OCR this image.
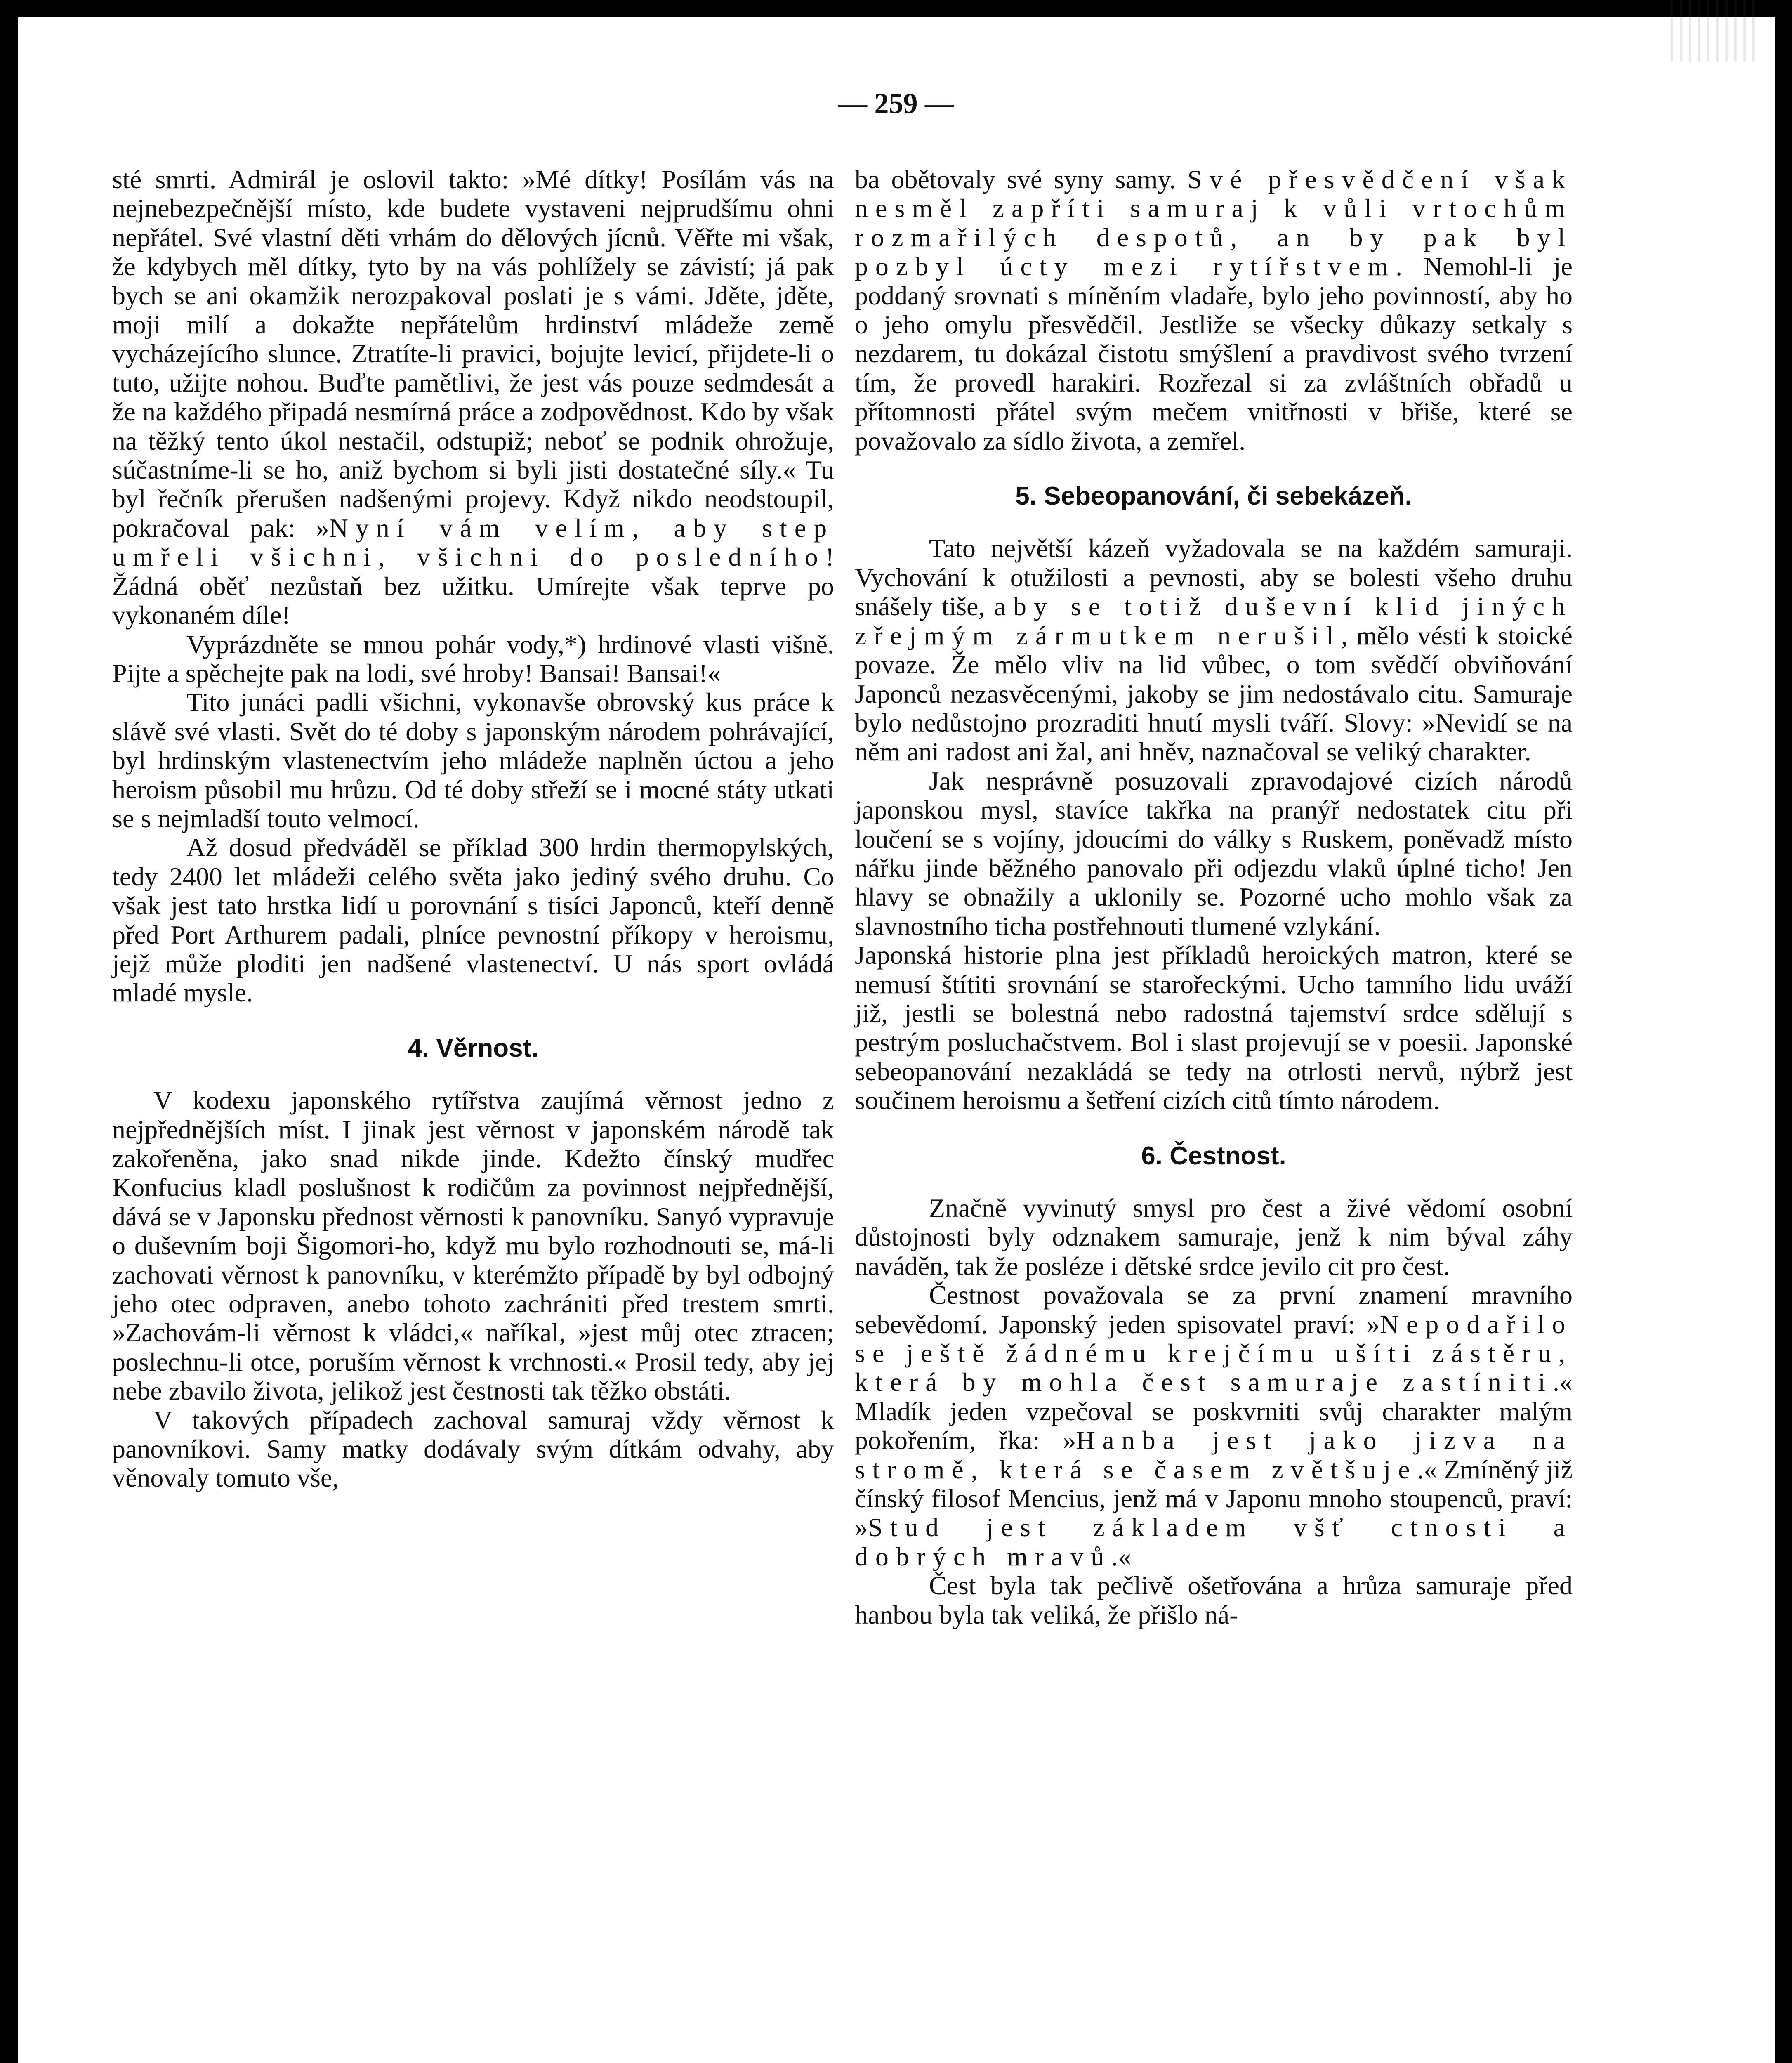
— 259 —

sté smrti. Admirál je oslovil takto: »Mé dítky! Posílám vás na nejnebezpečnější místo, kde budete vystaveni nejprudšímu ohni nepřátel. Své vlastní děti vrhám do dělových jícnů. Věřte mi však, že kdybych měl dítky, tyto by na vás pohlížely se závistí; já pak bych se ani okamžik nerozpakoval poslati je s vámi. Jděte, jděte, moji milí a dokažte nepřátelům hrdinství mládeže země vycházejícího slunce. Ztratíte-li pravici, bojujte levicí, přijdete-li o tuto, užijte nohou. Buďte pamětlivi, že jest vás pouze sedmdesát a že na každého připadá nesmírná práce a zodpovědnost. Kdo by však na těžký tento úkol nestačil, odstupiž; neboť se podnik ohrožuje, súčastníme-li se ho, aniž bychom si byli jisti dostatečné síly.« Tu byl řečník přerušen nadšenými projevy. Když nikdo neodstoupil, pokračoval pak: »Nyní vám velím, aby step umřeli všichni, všichni do posledního! Žádná oběť nezůstaň bez užitku. Umírejte však teprve po vykonaném díle!

Vyprázdněte se mnou pohár vody,*) hrdinové vlasti višně. Pijte a spěchejte pak na lodi, své hroby! Bansai! Bansai!«

Tito junáci padli všichni, vykonavše obrovský kus práce k slávě své vlasti. Svět do té doby s japonským národem pohrávající, byl hrdinským vlastenectvím jeho mládeže naplněn úctou a jeho heroism působil mu hrůzu. Od té doby střeží se i mocné státy utkati se s nejmladší touto velmocí.

Až dosud předváděl se příklad 300 hrdin thermopylských, tedy 2400 let mládeži celého světa jako jediný svého druhu. Co však jest tato hrstka lidí u porovnání s tisíci Japonců, kteří denně před Port Arthurem padali, plníce pevnostní příkopy v heroismu, jejž může ploditi jen nadšené vlastenectví. U nás sport ovládá mladé mysle.

4. Věrnost.

V kodexu japonského rytířstva zaujímá věrnost jedno z nejpřednějších míst. I jinak jest věrnost v japonském národě tak zakořeněna, jako snad nikde jinde. Kdežto čínský mudřec Konfucius kladl poslušnost k rodičům za povinnost nejpřednější, dává se v Japonsku přednost věrnosti k panovníku. Sanyó vypravuje o duševním boji Šigomori-ho, když mu bylo rozhodnouti se, má-li zachovati věrnost k panovníku, v kterémžto případě by byl odbojný jeho otec odpraven, anebo tohoto zachrániti před trestem smrti. »Zachovám-li věrnost k vládci,« naříkal, »jest můj otec ztracen; poslechnu-li otce, poruším věrnost k vrchnosti.« Prosil tedy, aby jej nebe zbavilo života, jelikož jest čestnosti tak těžko obstáti.

V takových případech zachoval samuraj vždy věrnost k panovníkovi. Samy matky dodávaly svým dítkám odvahy, aby věnovaly tomuto vše,

ba obětovaly své syny samy. Své přesvědčení však nesměl zapříti samuraj k vůli vrtochům rozmařilých despotů, an by pak byl pozbyl úcty mezi rytířstvem. Nemohl-li je poddaný srovnati s míněním vladaře, bylo jeho povinností, aby ho o jeho omylu přesvědčil. Jestliže se všecky důkazy setkaly s nezdarem, tu dokázal čistotu smýšlení a pravdivost svého tvrzení tím, že provedl harakiri. Rozřezal si za zvláštních obřadů u přítomnosti přátel svým mečem vnitřnosti v břiše, které se považovalo za sídlo života, a zemřel.

5. Sebeopanování, či sebekázeň.

Tato největší kázeň vyžadovala se na každém samuraji. Vychování k otužilosti a pevnosti, aby se bolesti všeho druhu snášely tiše, aby se totiž duševní klid jiných zřejmým zármutkem nerušil, mělo vésti k stoické povaze. Že mělo vliv na lid vůbec, o tom svědčí obviňování Japonců nezasvěcenými, jakoby se jim nedostávalo citu. Samuraje bylo nedůstojno prozraditi hnutí mysli tváří. Slovy: »Nevidí se na něm ani radost ani žal, ani hněv, naznačoval se veliký charakter.

Jak nesprávně posuzovali zpravodajové cizích národů japonskou mysl, stavíce takřka na pranýř nedostatek citu při loučení se s vojíny, jdoucími do války s Ruskem, poněvadž místo nářku jinde běžného panovalo při odjezdu vlaků úplné ticho! Jen hlavy se obnažily a uklonily se. Pozorné ucho mohlo však za slavnostního ticha postřehnouti tlumené vzlykání.

Japonská historie plna jest příkladů heroických matron, které se nemusí štítiti srovnání se starořeckými. Ucho tamního lidu uváží již, jestli se bolestná nebo radostná tajemství srdce sdělují s pestrým posluchačstvem. Bol i slast projevují se v poesii. Japonské sebeopanování nezakládá se tedy na otrlosti nervů, nýbrž jest součinem heroismu a šetření cizích citů tímto národem.

6. Čestnost.

Značně vyvinutý smysl pro čest a živé vědomí osobní důstojnosti byly odznakem samuraje, jenž k nim býval záhy naváděn, tak že posléze i dětské srdce jevilo cit pro čest.

Čestnost považovala se za první znamení mravního sebevědomí. Japonský jeden spisovatel praví: »Nepodařilo se ještě žádnému krejčímu ušíti zástěru, která by mohla čest samuraje zastíniti.« Mladík jeden vzpečoval se poskvrniti svůj charakter malým pokořením, řka: »Hanba jest jako jizva na stromě, která se časem zvětšuje.« Zmíněný již čínský filosof Mencius, jenž má v Japonu mnoho stoupenců, praví: »Stud jest základem všť ctnosti a dobrých mravů.«

Čest byla tak pečlivě ošetřována a hrůza samuraje před hanbou byla tak veliká, že přišlo ná-
